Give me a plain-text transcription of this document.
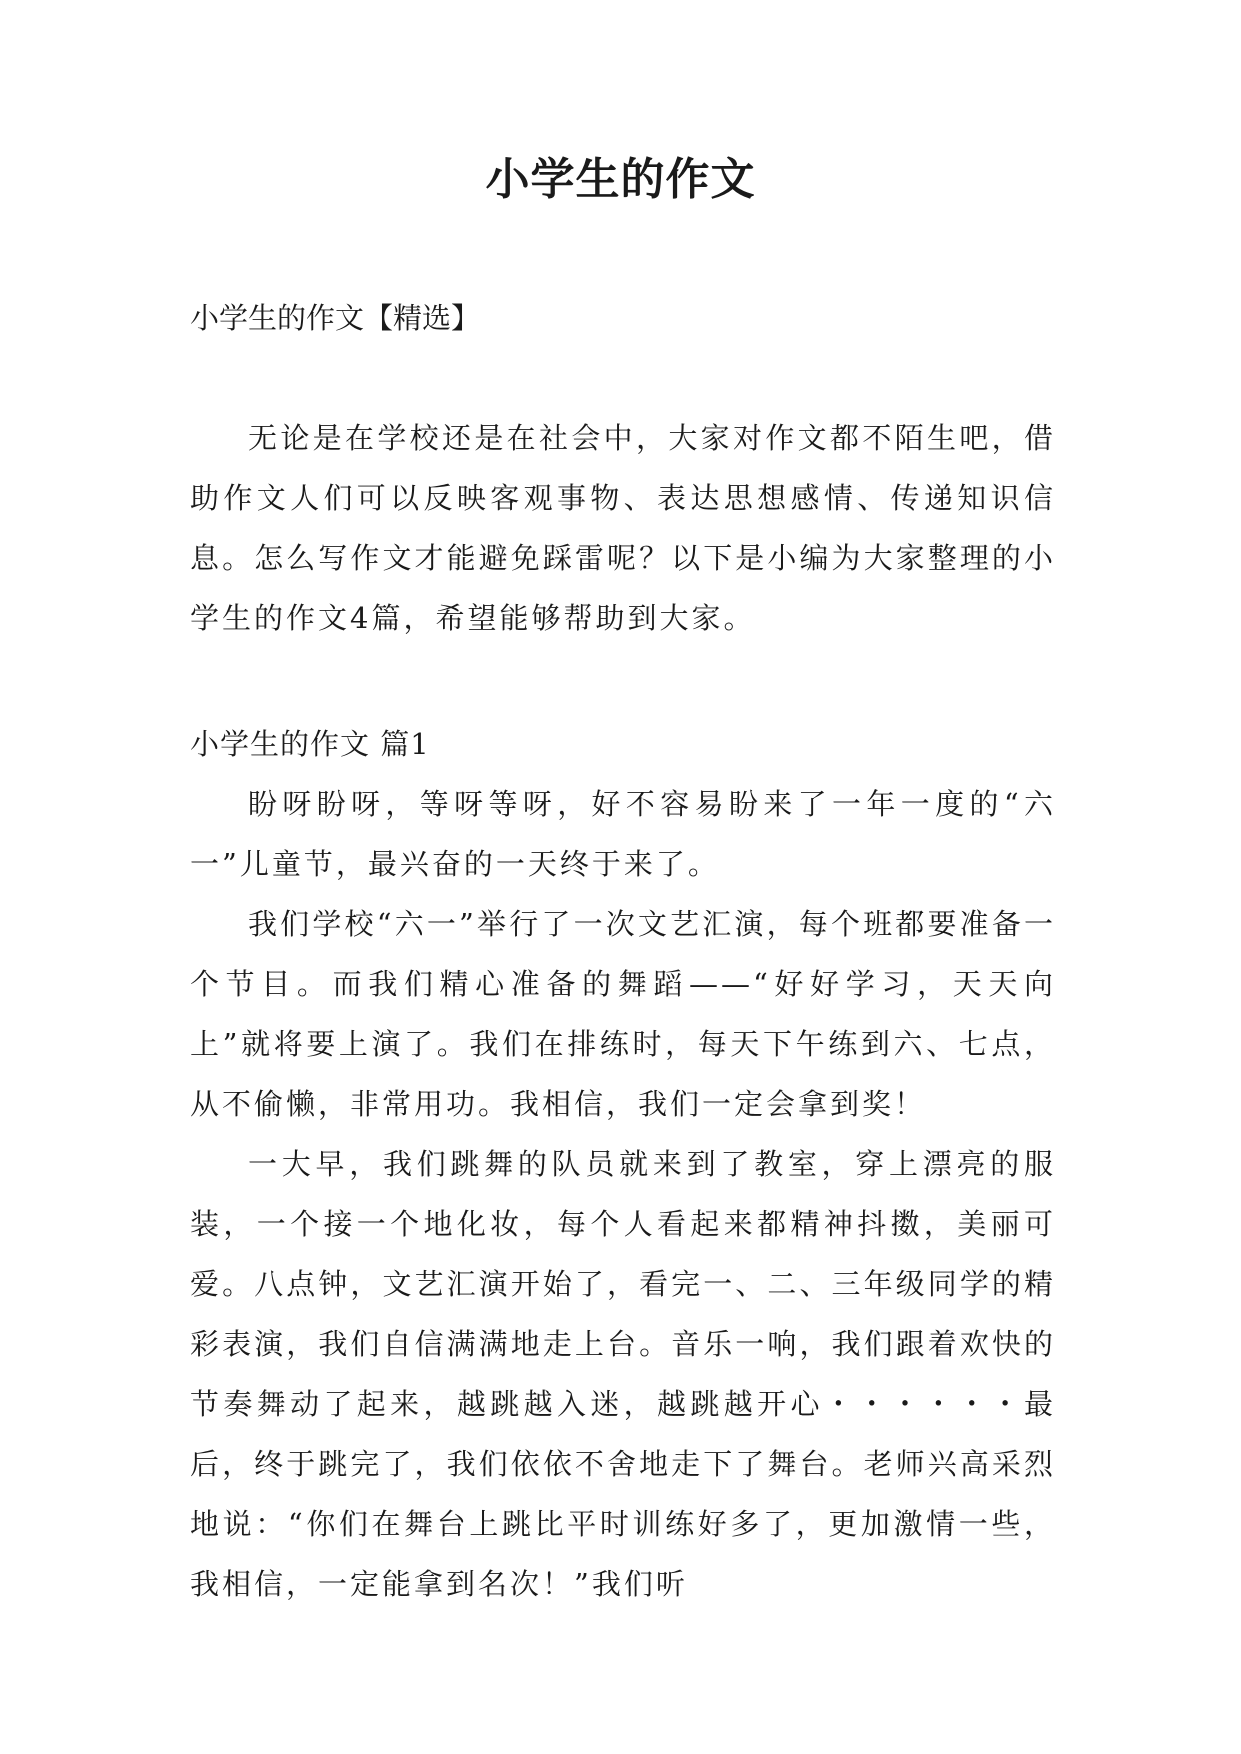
小学生的作文

小学生的作文【精选】

无论是在学校还是在社会中，大家对作文都不陌生吧，借助作文人们可以反映客观事物、表达思想感情、传递知识信息。怎么写作文才能避免踩雷呢？以下是小编为大家整理的小学生的作文4篇，希望能够帮助到大家。

小学生的作文 篇1

盼呀盼呀，等呀等呀，好不容易盼来了一年一度的“六一”儿童节，最兴奋的一天终于来了。

我们学校“六一”举行了一次文艺汇演，每个班都要准备一个节目。而我们精心准备的舞蹈——“好好学习，天天向上”就将要上演了。我们在排练时，每天下午练到六、七点，从不偷懒，非常用功。我相信，我们一定会拿到奖！

一大早，我们跳舞的队员就来到了教室，穿上漂亮的服装，一个接一个地化妆，每个人看起来都精神抖擞，美丽可爱。八点钟，文艺汇演开始了，看完一、二、三年级同学的精彩表演，我们自信满满地走上台。音乐一响，我们跟着欢快的节奏舞动了起来，越跳越入迷，越跳越开心・・・・・・最后，终于跳完了，我们依依不舍地走下了舞台。老师兴高采烈地说：“你们在舞台上跳比平时训练好多了，更加激情一些，我相信，一定能拿到名次！”我们听
